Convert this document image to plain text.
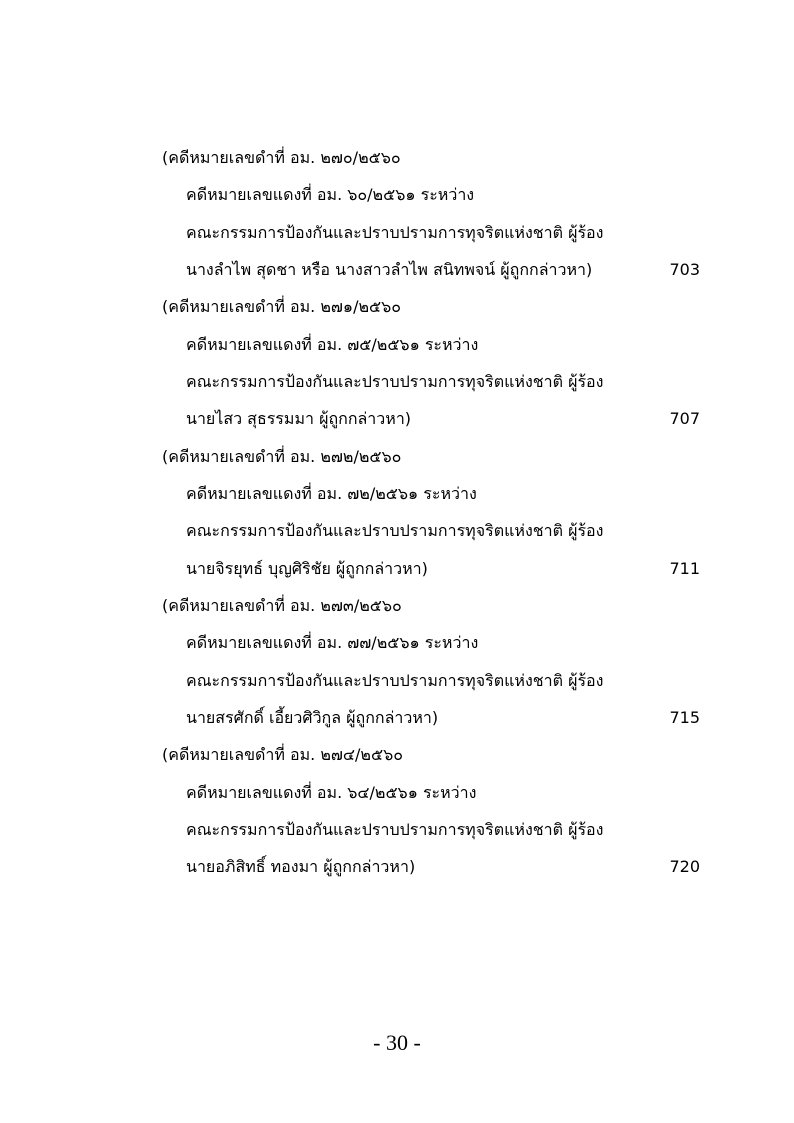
(คดีหมายเลขดำที่ อม. ๒๗๐/๒๕๖๐
คดีหมายเลขแดงที่ อม. ๖๐/๒๕๖๑ ระหว่าง
คณะกรรมการป้องกันและปราบปรามการทุจริตแห่งชาติ ผู้ร้อง
นางลำไพ สุดชา หรือ นางสาวลำไพ สนิทพจน์ ผู้ถูกกล่าวหา)	703
(คดีหมายเลขดำที่ อม. ๒๗๑/๒๕๖๐
คดีหมายเลขแดงที่ อม. ๗๕/๒๕๖๑ ระหว่าง
คณะกรรมการป้องกันและปราบปรามการทุจริตแห่งชาติ ผู้ร้อง
นายไสว สุธรรมมา ผู้ถูกกล่าวหา)	707
(คดีหมายเลขดำที่ อม. ๒๗๒/๒๕๖๐
คดีหมายเลขแดงที่ อม. ๗๒/๒๕๖๑ ระหว่าง
คณะกรรมการป้องกันและปราบปรามการทุจริตแห่งชาติ ผู้ร้อง
นายจิรยุทธ์ บุญศิริชัย ผู้ถูกกล่าวหา)	711
(คดีหมายเลขดำที่ อม. ๒๗๓/๒๕๖๐
คดีหมายเลขแดงที่ อม. ๗๗/๒๕๖๑ ระหว่าง
คณะกรรมการป้องกันและปราบปรามการทุจริตแห่งชาติ ผู้ร้อง
นายสรศักดิ์ เอี้ยวศิวิกูล ผู้ถูกกล่าวหา)	715
(คดีหมายเลขดำที่ อม. ๒๗๔/๒๕๖๐
คดีหมายเลขแดงที่ อม. ๖๔/๒๕๖๑ ระหว่าง
คณะกรรมการป้องกันและปราบปรามการทุจริตแห่งชาติ ผู้ร้อง
นายอภิสิทธิ์ ทองมา ผู้ถูกกล่าวหา)	720
- 30 -
